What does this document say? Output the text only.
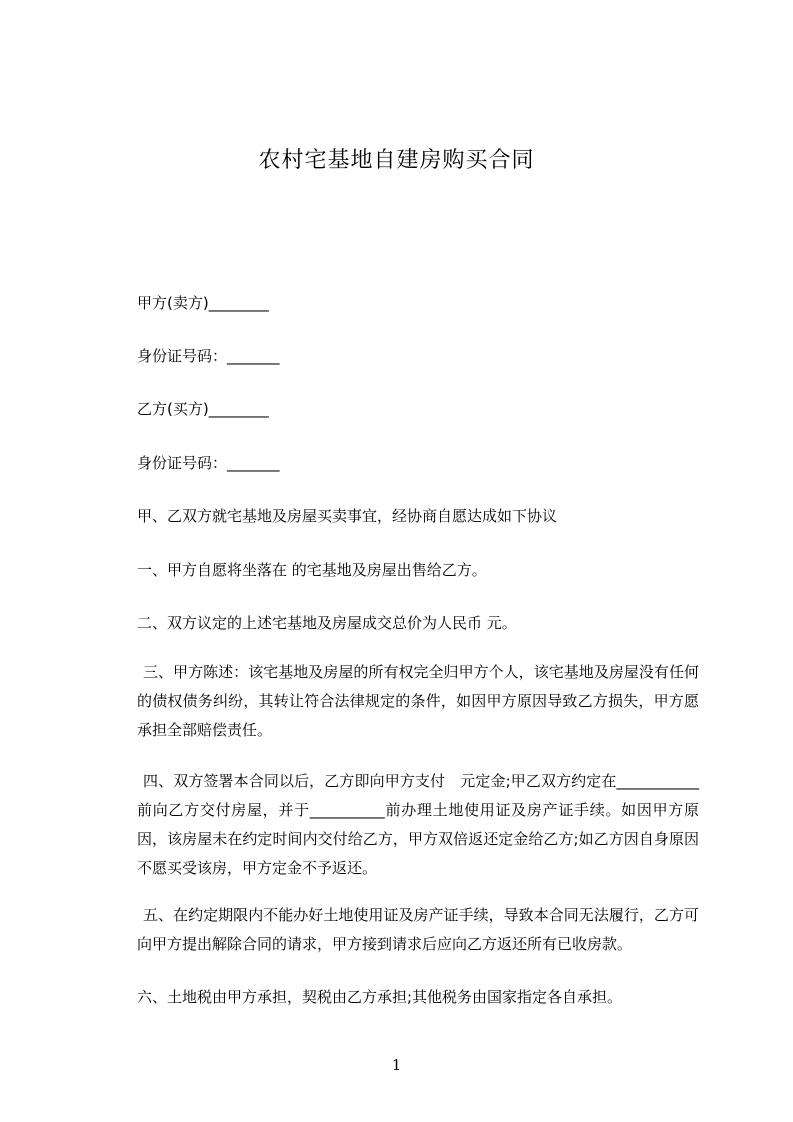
农村宅基地自建房购买合同
甲方(卖方)________
身份证号码：_______
乙方(买方)________
身份证号码：_______
甲、乙双方就宅基地及房屋买卖事宜，经协商自愿达成如下协议
一、甲方自愿将坐落在 的宅基地及房屋出售给乙方。
二、双方议定的上述宅基地及房屋成交总价为人民币 元。
三、甲方陈述：该宅基地及房屋的所有权完全归甲方个人，该宅基地及房屋没有任何的债权债务纠纷，其转让符合法律规定的条件，如因甲方原因导致乙方损失，甲方愿承担全部赔偿责任。
四、双方签署本合同以后，乙方即向甲方支付　元定金;甲乙双方约定在___________前向乙方交付房屋，并于__________前办理土地使用证及房产证手续。如因甲方原因，该房屋未在约定时间内交付给乙方，甲方双倍返还定金给乙方;如乙方因自身原因不愿买受该房，甲方定金不予返还。
五、在约定期限内不能办好土地使用证及房产证手续，导致本合同无法履行，乙方可向甲方提出解除合同的请求，甲方接到请求后应向乙方返还所有已收房款。
六、土地税由甲方承担，契税由乙方承担;其他税务由国家指定各自承担。
1
